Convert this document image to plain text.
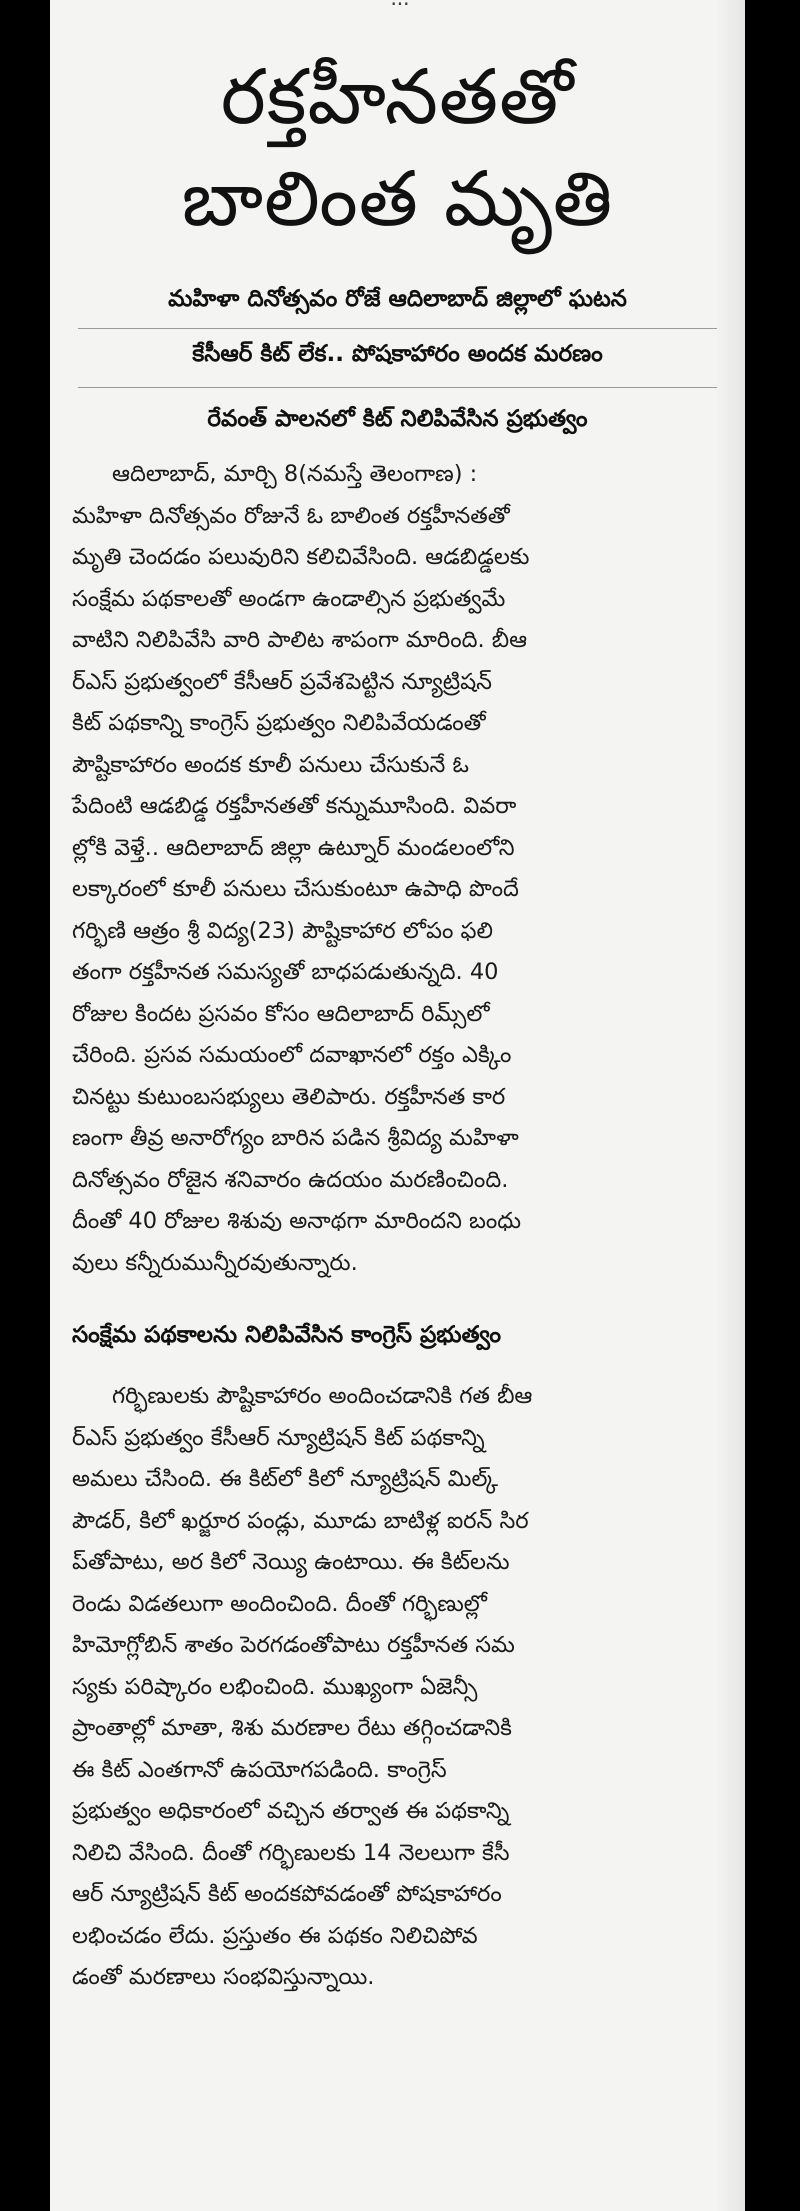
రక్తహీనతతో
బాలింత మృతి
మహిళా దినోత్సవం రోజే ఆదిలాబాద్ జిల్లాలో ఘటన
కేసీఆర్ కిట్ లేక.. పోషకాహారం అందక మరణం
రేవంత్ పాలనలో కిట్ నిలిపివేసిన ప్రభుత్వం
ఆదిలాబాద్, మార్చి 8(నమస్తే తెలంగాణ) :
మహిళా దినోత్సవం రోజునే ఓ బాలింత రక్తహీనతతో
మృతి చెందడం పలువురిని కలిచివేసింది. ఆడబిడ్డలకు
సంక్షేమ పథకాలతో అండగా ఉండాల్సిన ప్రభుత్వమే
వాటిని నిలిపివేసి వారి పాలిట శాపంగా మారింది. బీఆ
ర్ఎస్ ప్రభుత్వంలో కేసీఆర్ ప్రవేశపెట్టిన న్యూట్రిషన్
కిట్ పథకాన్ని కాంగ్రెస్ ప్రభుత్వం నిలిపివేయడంతో
పౌష్టికాహారం అందక కూలీ పనులు చేసుకునే ఓ
పేదింటి ఆడబిడ్డ రక్తహీనతతో కన్నుమూసింది. వివరా
ల్లోకి వెళ్తే.. ఆదిలాబాద్ జిల్లా ఉట్నూర్ మండలంలోని
లక్కారంలో కూలీ పనులు చేసుకుంటూ ఉపాధి పొందే
గర్భిణి ఆత్రం శ్రీ విద్య(23) పౌష్టికాహార లోపం ఫలి
తంగా రక్తహీనత సమస్యతో బాధపడుతున్నది. 40
రోజుల కిందట ప్రసవం కోసం ఆదిలాబాద్ రిమ్స్‌లో
చేరింది. ప్రసవ సమయంలో దవాఖానలో రక్తం ఎక్కిం
చినట్టు కుటుంబసభ్యులు తెలిపారు. రక్తహీనత కార
ణంగా తీవ్ర అనారోగ్యం బారిన పడిన శ్రీవిద్య మహిళా
దినోత్సవం రోజైన శనివారం ఉదయం మరణించింది.
దీంతో 40 రోజుల శిశువు అనాథగా మారిందని బంధు
వులు కన్నీరుమున్నీరవుతున్నారు.
సంక్షేమ పథకాలను నిలిపివేసిన కాంగ్రెస్ ప్రభుత్వం
గర్భిణులకు పౌష్టికాహారం అందించడానికి గత బీఆ
ర్ఎస్ ప్రభుత్వం కేసీఆర్ న్యూట్రిషన్ కిట్ పథకాన్ని
అమలు చేసింది. ఈ కిట్‌లో కిలో న్యూట్రిషన్ మిల్క్
పౌడర్, కిలో ఖర్జూర పండ్లు, మూడు బాటిళ్ల ఐరన్ సిర
ప్‌తోపాటు, అర కిలో నెయ్యి ఉంటాయి. ఈ కిట్‌లను
రెండు విడతలుగా అందించింది. దీంతో గర్భిణుల్లో
హిమోగ్లోబిన్ శాతం పెరగడంతోపాటు రక్తహీనత సమ
స్యకు పరిష్కారం లభించింది. ముఖ్యంగా ఏజెన్సీ
ప్రాంతాల్లో మాతా, శిశు మరణాల రేటు తగ్గించడానికి
ఈ కిట్ ఎంతగానో ఉపయోగపడింది. కాంగ్రెస్
ప్రభుత్వం అధికారంలో వచ్చిన తర్వాత ఈ పథకాన్ని
నిలిచి వేసింది. దీంతో గర్భిణులకు 14 నెలలుగా కేసీ
ఆర్ న్యూట్రిషన్ కిట్ అందకపోవడంతో పోషకాహారం
లభించడం లేదు. ప్రస్తుతం ఈ పథకం నిలిచిపోవ
డంతో మరణాలు సంభవిస్తున్నాయి.
